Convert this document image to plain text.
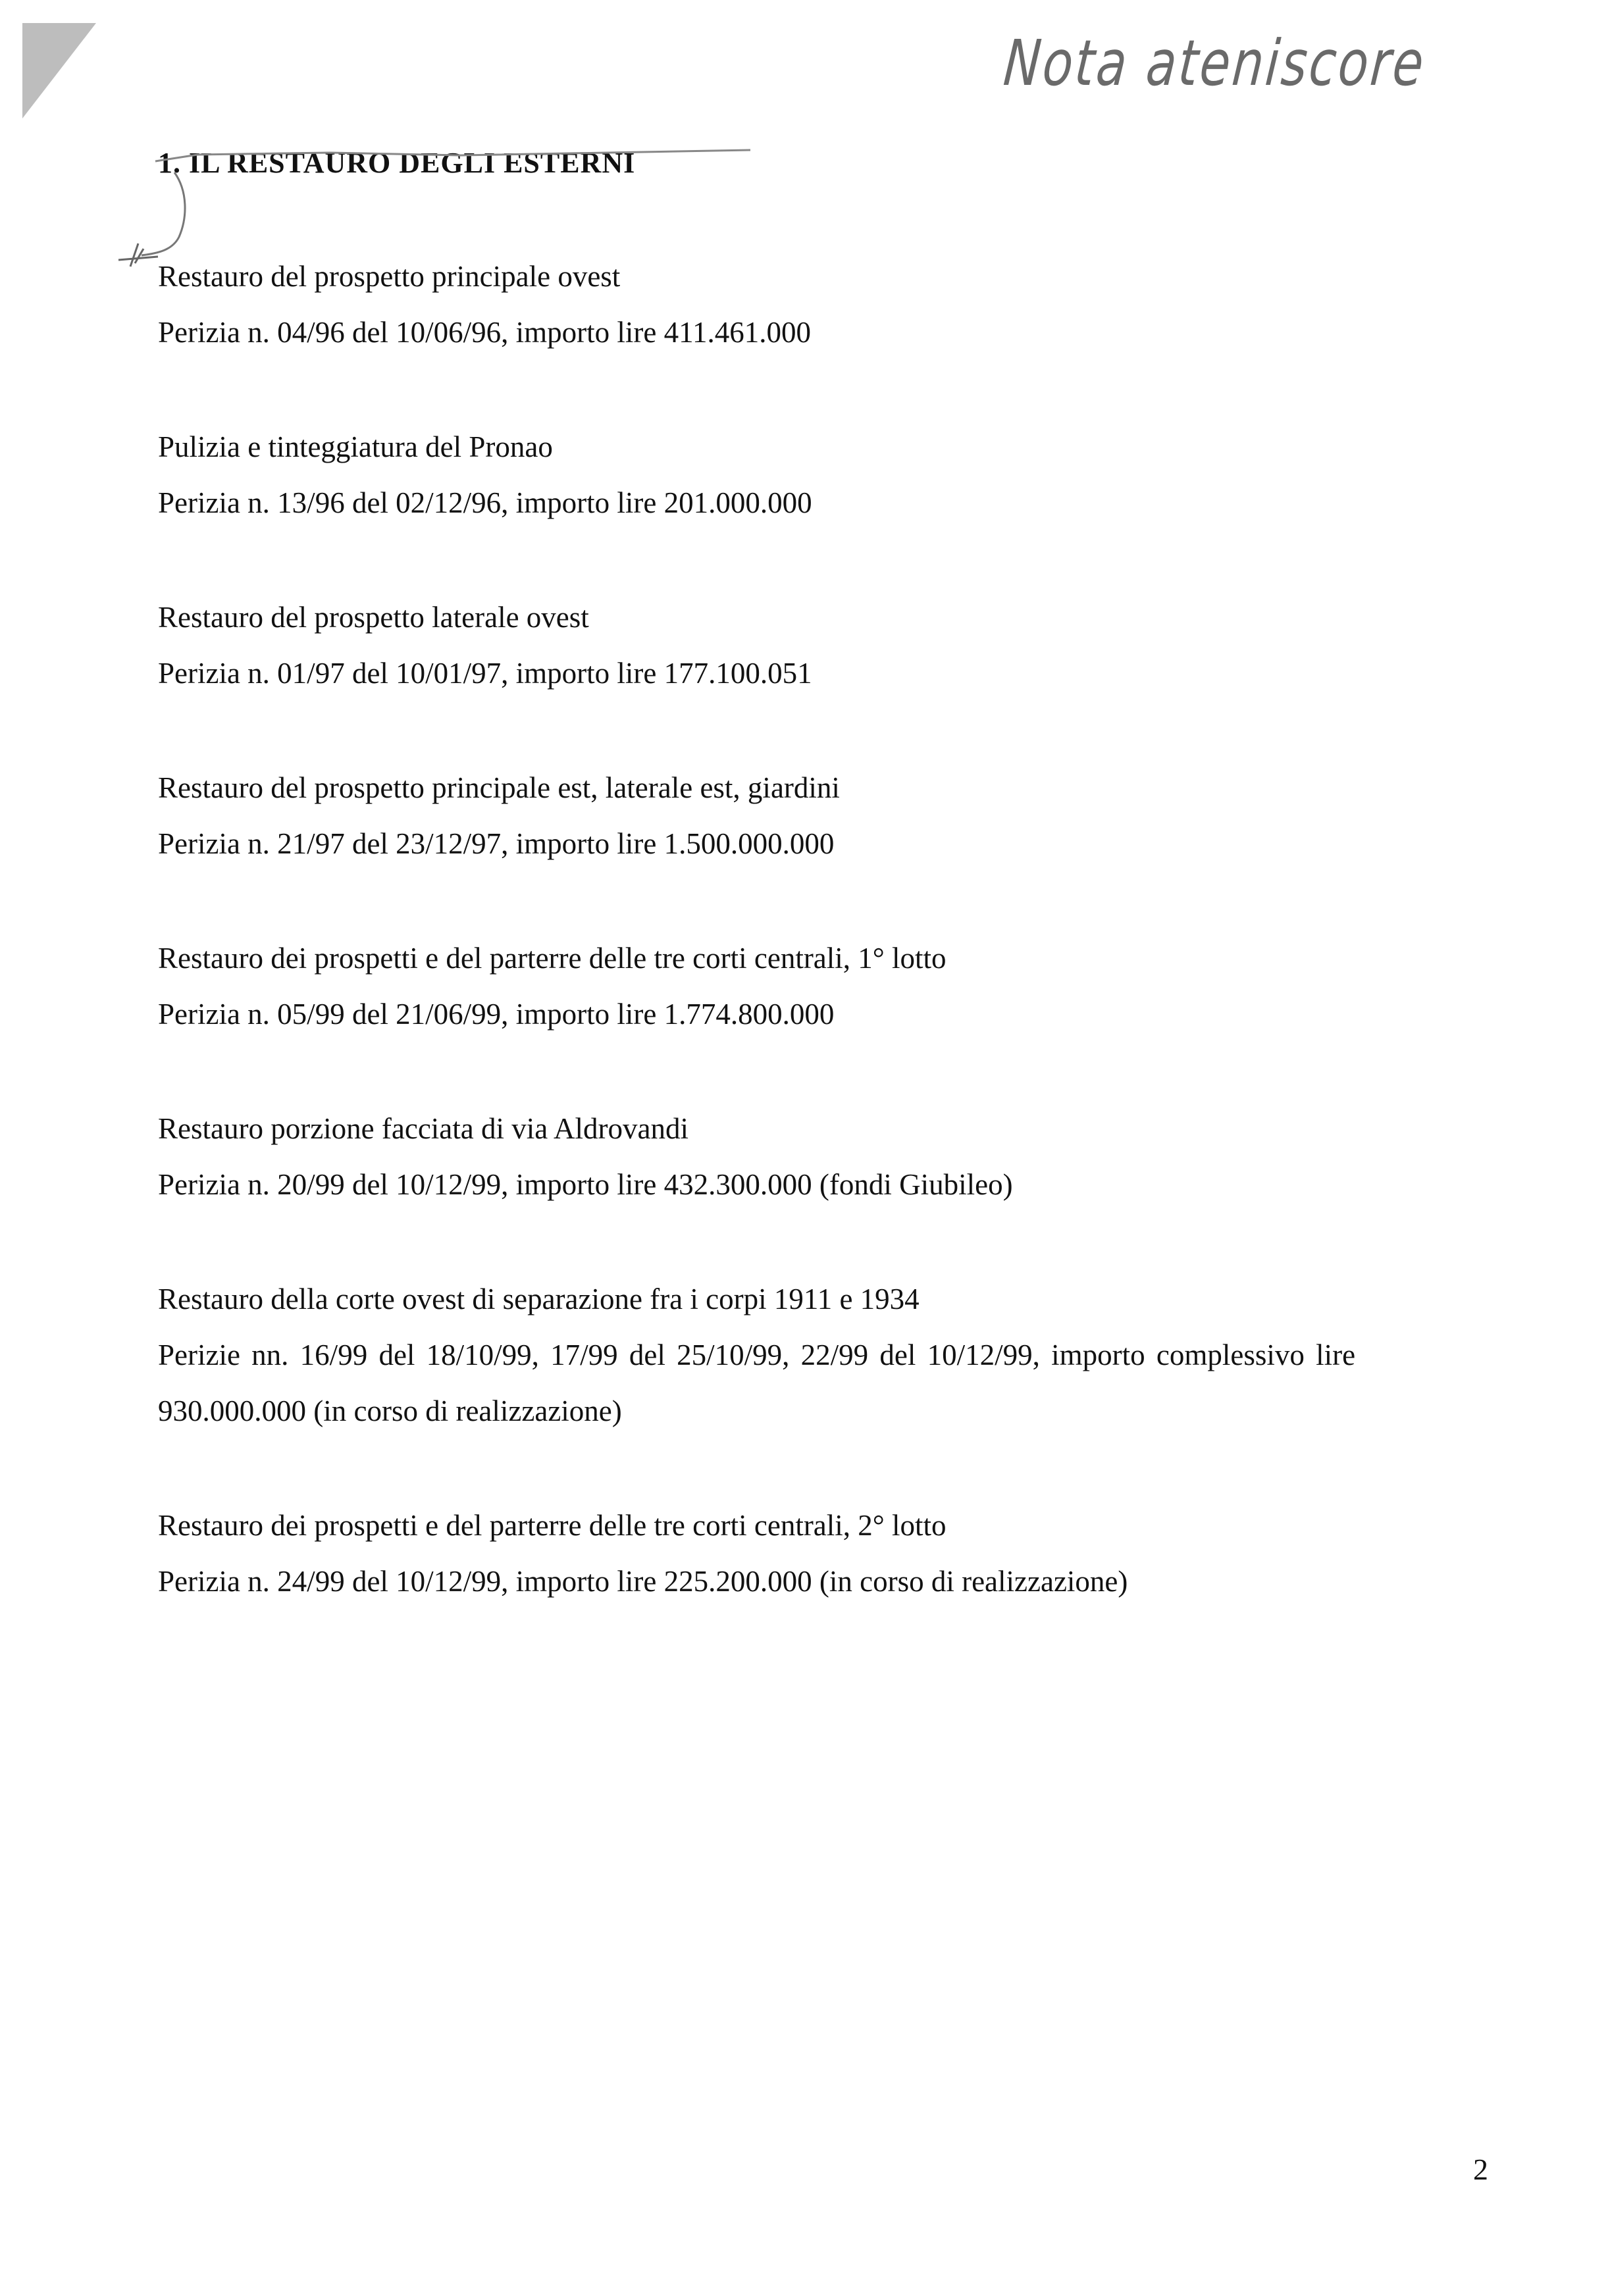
Nota ateniscore
1. IL RESTAURO DEGLI ESTERNI

Restauro del prospetto principale ovest

Perizia n. 04/96 del 10/06/96, importo lire 411.461.000

Pulizia e tinteggiatura del Pronao

Perizia n. 13/96 del 02/12/96, importo lire 201.000.000

Restauro del prospetto laterale ovest

Perizia n. 01/97 del 10/01/97, importo lire 177.100.051

Restauro del prospetto principale est, laterale est, giardini

Perizia n. 21/97 del 23/12/97, importo lire 1.500.000.000

Restauro dei prospetti e del parterre delle tre corti centrali, 1° lotto

Perizia n. 05/99 del 21/06/99, importo lire 1.774.800.000

Restauro porzione facciata di via Aldrovandi

Perizia n. 20/99 del 10/12/99, importo lire 432.300.000 (fondi Giubileo)

Restauro della corte ovest di separazione fra i corpi 1911 e 1934

Perizie nn. 16/99 del 18/10/99, 17/99 del 25/10/99, 22/99 del 10/12/99, importo complessivo lire

930.000.000 (in corso di realizzazione)

Restauro dei prospetti e del parterre delle tre corti centrali, 2° lotto

Perizia n. 24/99 del 10/12/99, importo lire 225.200.000 (in corso di realizzazione)

2
